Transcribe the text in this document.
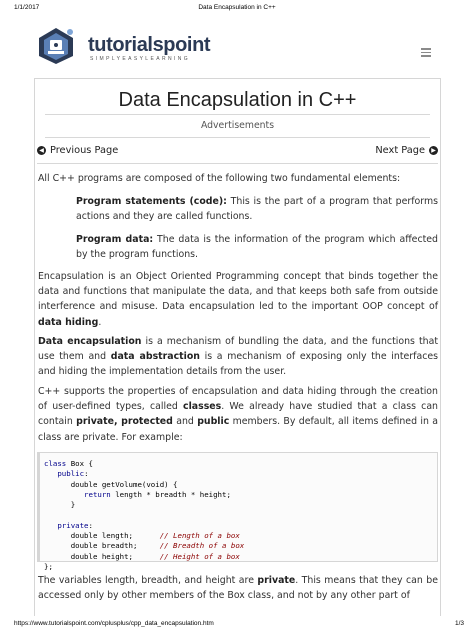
1/1/2017	Data Encapsulation in C++
tutorialspoint
SIMPLYEASYLEARNING
Data Encapsulation in C++
Advertisements
◀ Previous Page	Next Page	▶

All C++ programs are composed of the following two fundamental elements:

Program statements (code): This is the part of a program that performs actions and they are called functions.

Program data: The data is the information of the program which affected by the program functions.

Encapsulation is an Object Oriented Programming concept that binds together the data and functions that manipulate the data, and that keeps both safe from outside interference and misuse. Data encapsulation led to the important OOP concept of data hiding.

Data encapsulation is a mechanism of bundling the data, and the functions that use them and data abstraction is a mechanism of exposing only the interfaces and hiding the implementation details from the user.

C++ supports the properties of encapsulation and data hiding through the creation of user-defined types, called classes. We already have studied that a class can contain private, protected and public members. By default, all items defined in a class are private. For example:

class Box {
public:
double getVolume(void) {
return length * breadth * height;
}

private:
double length;	// Length of a box
double breadth;	// Breadth of a box
double height;	// Height of a box
};

The variables length, breadth, and height are private. This means that they can be accessed only by other members of the Box class, and not by any other part of

https://www.tutorialspoint.com/cplusplus/cpp_data_encapsulation.htm	1/3
